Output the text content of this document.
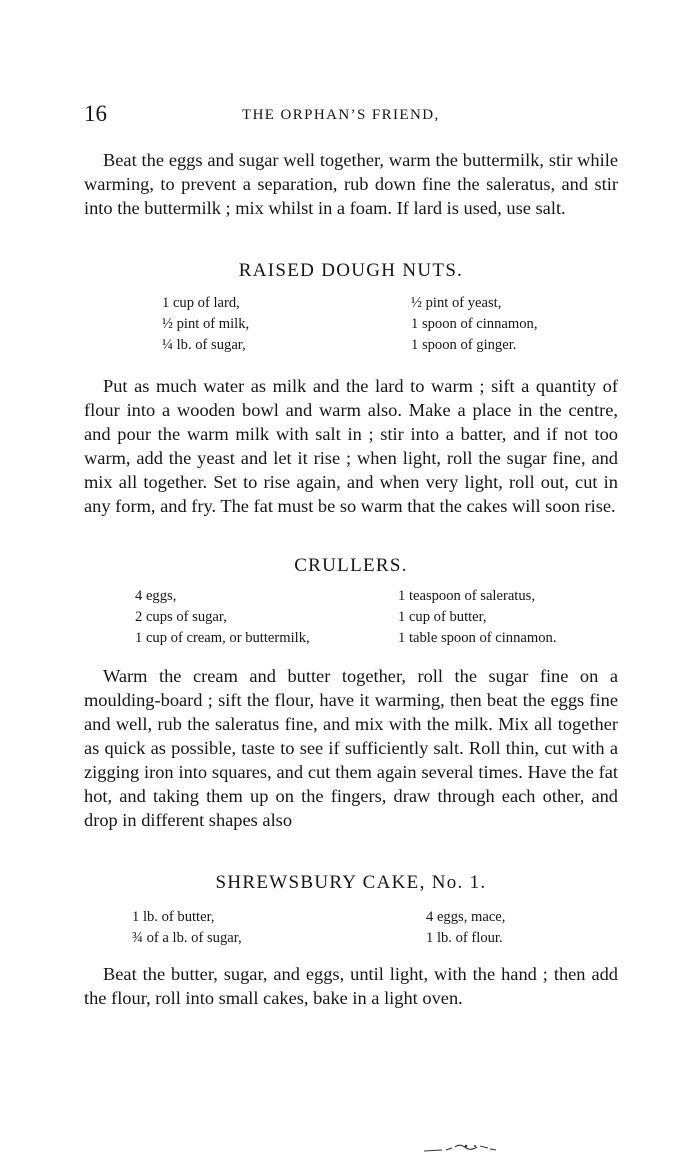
16	THE ORPHAN’S FRIEND,

Beat the eggs and sugar well together, warm the buttermilk, stir while warming, to prevent a separation, rub down fine the saleratus, and stir into the buttermilk ; mix whilst in a foam. If lard is used, use salt.

RAISED DOUGH NUTS.
1 cup of lard,
½ pint of milk,
¼ lb. of sugar,
½ pint of yeast,
1 spoon of cinnamon,
1 spoon of ginger.

Put as much water as milk and the lard to warm ; sift a quantity of flour into a wooden bowl and warm also. Make a place in the centre, and pour the warm milk with salt in ; stir into a batter, and if not too warm, add the yeast and let it rise ; when light, roll the sugar fine, and mix all together. Set to rise again, and when very light, roll out, cut in any form, and fry. The fat must be so warm that the cakes will soon rise.

CRULLERS.
4 eggs,
2 cups of sugar,
1 cup of cream, or buttermilk,
1 teaspoon of saleratus,
1 cup of butter,
1 table spoon of cinnamon.

Warm the cream and butter together, roll the sugar fine on a moulding-board ; sift the flour, have it warming, then beat the eggs fine and well, rub the saleratus fine, and mix with the milk. Mix all together as quick as possible, taste to see if sufficiently salt. Roll thin, cut with a zigging iron into squares, and cut them again several times. Have the fat hot, and taking them up on the fingers, draw through each other, and drop in different shapes also

SHREWSBURY CAKE, No. 1.
1 lb. of butter,
¾ of a lb. of sugar,
4 eggs, mace,
1 lb. of flour.

Beat the butter, sugar, and eggs, until light, with the hand ; then add the flour, roll into small cakes, bake in a light oven.
